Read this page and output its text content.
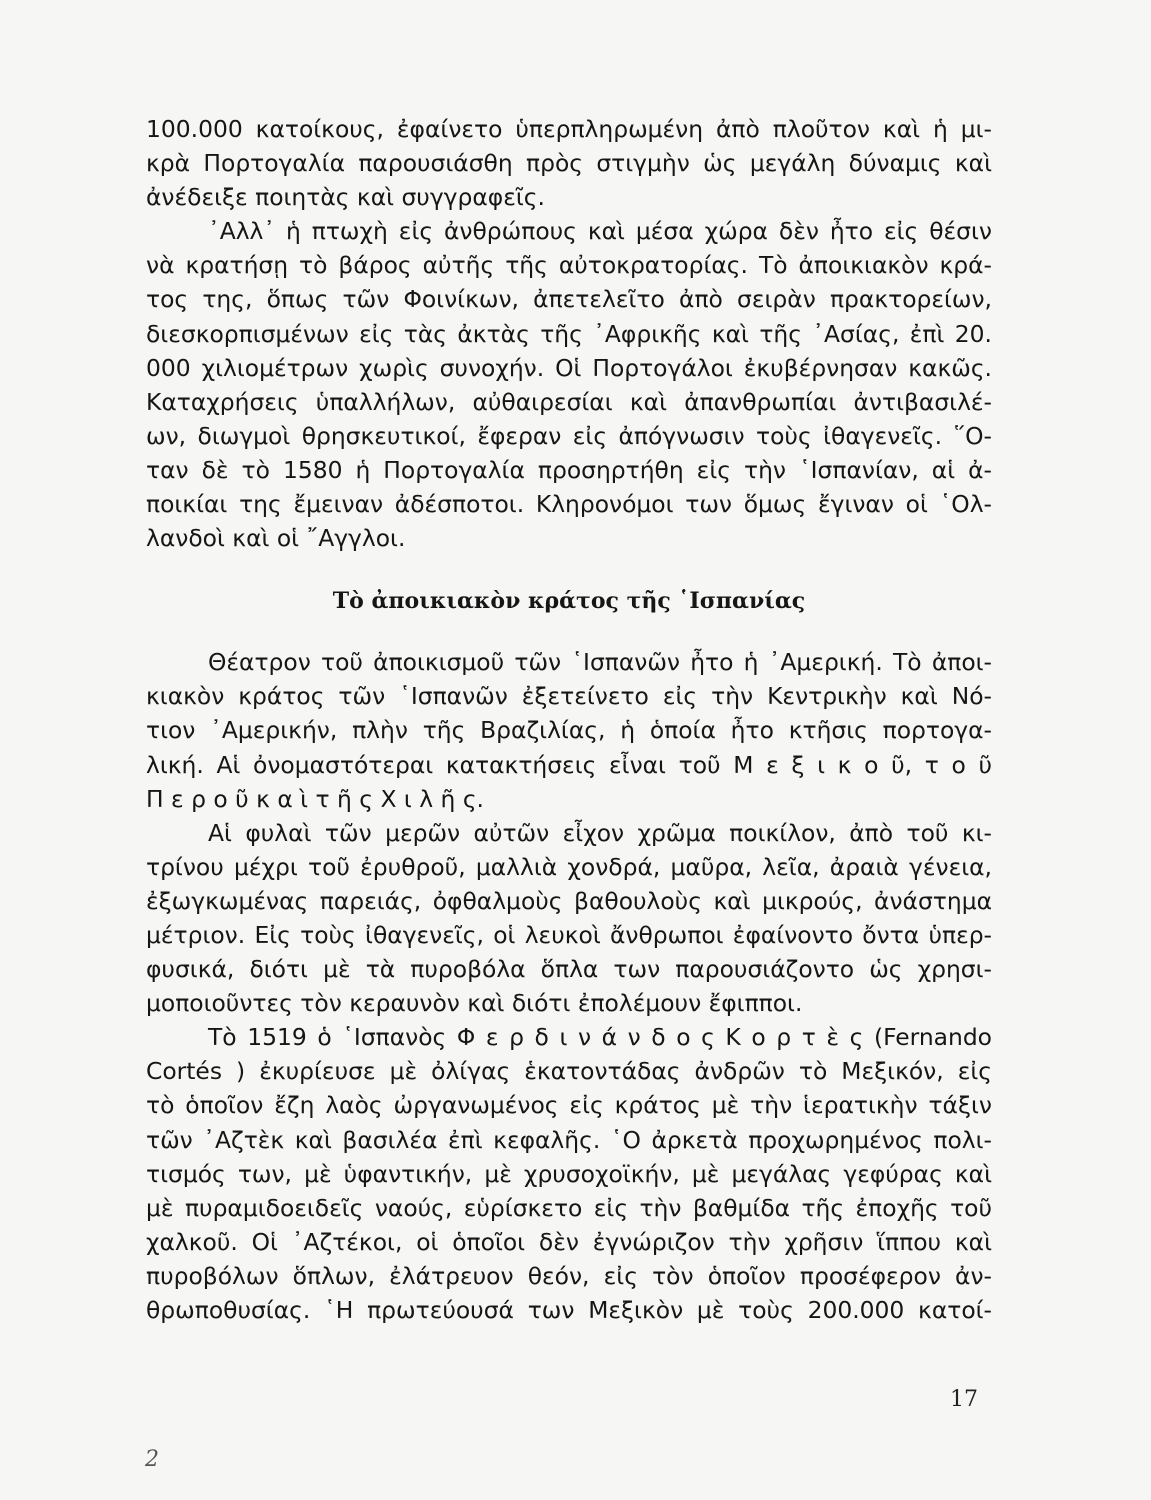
100.000 κατοίκους, ἐφαίνετο ὑπερπληρωμένη ἀπὸ πλοῦτον καὶ ἡ μι-
κρὰ Πορτογαλία παρουσιάσθη πρὸς στιγμὴν ὡς μεγάλη δύναμις καὶ
ἀνέδειξε ποιητὰς καὶ συγγραφεῖς.
᾿Αλλ᾿ ἡ πτωχὴ εἰς ἀνθρώπους καὶ μέσα χώρα δὲν ἦτο εἰς θέσιν
νὰ κρατήσῃ τὸ βάρος αὐτῆς τῆς αὐτοκρατορίας. Τὸ ἀποικιακὸν κρά-
τος της, ὅπως τῶν Φοινίκων, ἀπετελεῖτο ἀπὸ σειρὰν πρακτορείων,
διεσκορπισμένων εἰς τὰς ἀκτὰς τῆς ᾿Αφρικῆς καὶ τῆς ᾿Ασίας, ἐπὶ 20.
000 χιλιομέτρων χωρὶς συνοχήν. Οἱ Πορτογάλοι ἐκυβέρνησαν κακῶς.
Καταχρήσεις ὑπαλλήλων, αὐθαιρεσίαι καὶ ἀπανθρωπίαι ἀντιβασιλέ-
ων, διωγμοὶ θρησκευτικοί, ἔφεραν εἰς ἀπόγνωσιν τοὺς ἰθαγενεῖς. ῞Ο-
ταν δὲ τὸ 1580 ἡ Πορτογαλία προσηρτήθη εἰς τὴν ῾Ισπανίαν, αἱ ἀ-
ποικίαι της ἔμειναν ἀδέσποτοι. Κληρονόμοι των ὅμως ἔγιναν οἱ ῾Ολ-
λανδοὶ καὶ οἱ ῎Αγγλοι.
Τὸ ἀποικιακὸν κράτος τῆς ῾Ισπανίας
Θέατρον τοῦ ἀποικισμοῦ τῶν ῾Ισπανῶν ἦτο ἡ ᾿Αμερική. Τὸ ἀποι-
κιακὸν κράτος τῶν ῾Ισπανῶν ἐξετείνετο εἰς τὴν Κεντρικὴν καὶ Νό-
τιον ᾿Αμερικήν, πλὴν τῆς Βραζιλίας, ἡ ὁποία ἦτο κτῆσις πορτογα-
λική. Αἱ ὀνομαστότεραι κατακτήσεις εἶναι τοῦ Μ ε ξ ι κ ο ῦ, τ ο ῦ
Π ε ρ ο ῦ κ α ὶ τ ῆ ς Χ ι λ ῆ ς.
Αἱ φυλαὶ τῶν μερῶν αὐτῶν εἶχον χρῶμα ποικίλον, ἀπὸ τοῦ κι-
τρίνου μέχρι τοῦ ἐρυθροῦ, μαλλιὰ χονδρά, μαῦρα, λεῖα, ἀραιὰ γένεια,
ἐξωγκωμένας παρειάς, ὀφθαλμοὺς βαθουλοὺς καὶ μικρούς, ἀνάστημα
μέτριον. Εἰς τοὺς ἰθαγενεῖς, οἱ λευκοὶ ἄνθρωποι ἐφαίνοντο ὄντα ὑπερ-
φυσικά, διότι μὲ τὰ πυροβόλα ὅπλα των παρουσιάζοντο ὡς χρησι-
μοποιοῦντες τὸν κεραυνὸν καὶ διότι ἐπολέμουν ἔφιπποι.
Τὸ 1519 ὁ ῾Ισπανὸς Φ ε ρ δ ι ν ά ν δ ο ς Κ ο ρ τ ὲ ς (Fernando
Cortés ) ἐκυρίευσε μὲ ὀλίγας ἑκατοντάδας ἀνδρῶν τὸ Μεξικόν, εἰς
τὸ ὁποῖον ἔζη λαὸς ὠργανωμένος εἰς κράτος μὲ τὴν ἱερατικὴν τάξιν
τῶν ᾿Αζτὲκ καὶ βασιλέα ἐπὶ κεφαλῆς. ῾Ο ἀρκετὰ προχωρημένος πολι-
τισμός των, μὲ ὑφαντικήν, μὲ χρυσοχοϊκήν, μὲ μεγάλας γεφύρας καὶ
μὲ πυραμιδοειδεῖς ναούς, εὑρίσκετο εἰς τὴν βαθμίδα τῆς ἐποχῆς τοῦ
χαλκοῦ. Οἱ ᾿Αζτέκοι, οἱ ὁποῖοι δὲν ἐγνώριζον τὴν χρῆσιν ἵππου καὶ
πυροβόλων ὅπλων, ἐλάτρευον θεόν, εἰς τὸν ὁποῖον προσέφερον ἀν-
θρωποθυσίας. ῾Η πρωτεύουσά των Μεξικὸν μὲ τοὺς 200.000 κατοί-
17
2
